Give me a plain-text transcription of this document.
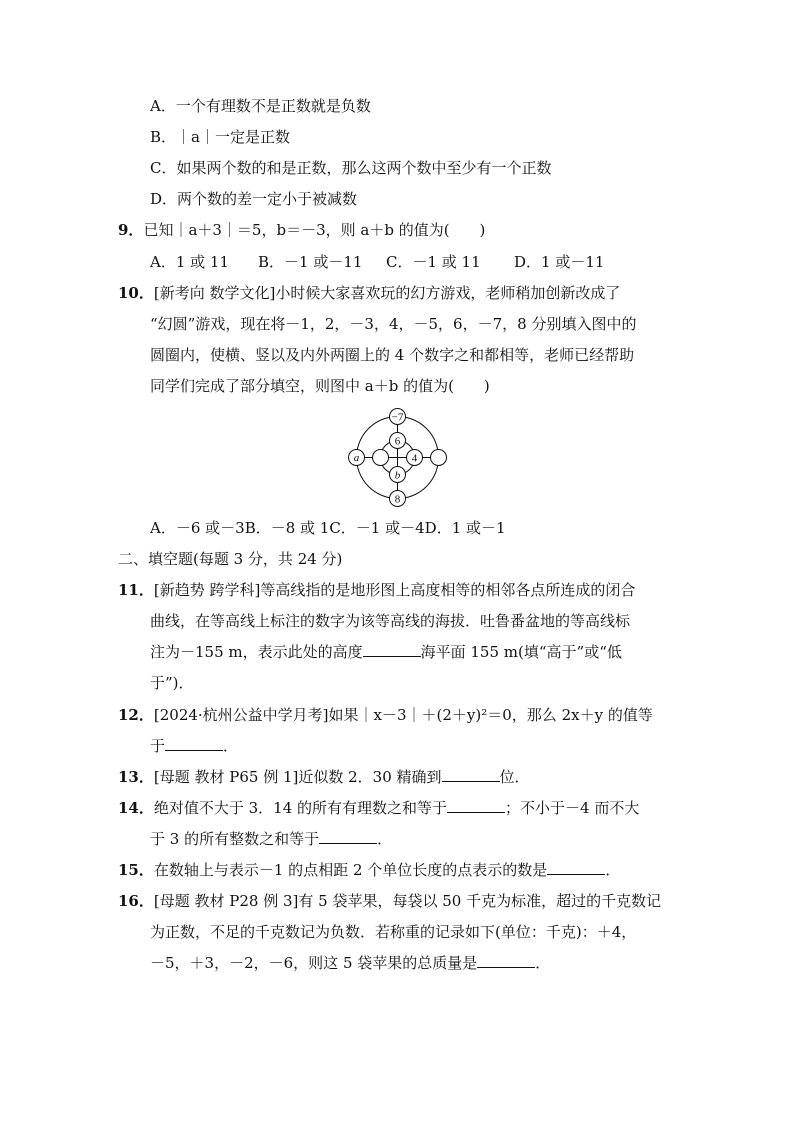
A．一个有理数不是正数就是负数
B．｜a｜一定是正数
C．如果两个数的和是正数，那么这两个数中至少有一个正数
D．两个数的差一定小于被减数
9．已知｜a＋3｜＝5，b＝－3，则 a＋b 的值为(　　)
A．1 或 11 B．－1 或－11 C．－1 或 11 D．1 或－11
10．[新考向 数学文化]小时候大家喜欢玩的幻方游戏，老师稍加创新改成了
“幻圆”游戏，现在将－1，2，－3，4，－5，6，－7，8 分别填入图中的
圆圈内，使横、竖以及内外两圈上的 4 个数字之和都相等，老师已经帮助
同学们完成了部分填空，则图中 a＋b 的值为(　　)
−7
8
a
6
b
4
A．－6 或－3B．－8 或 1C．－1 或－4D．1 或－1
二、填空题(每题 3 分，共 24 分)
11．[新趋势 跨学科]等高线指的是地形图上高度相等的相邻各点所连成的闭合
曲线，在等高线上标注的数字为该等高线的海拔．吐鲁番盆地的等高线标
注为－155 m，表示此处的高度	海平面 155 m(填“高于”或“低
于”)．
12．[2024·杭州公益中学月考]如果｜x－3｜＋(2＋y)²＝0，那么 2x＋y 的值等
于	．
13．[母题 教材 P65 例 1]近似数 2．30 精确到	位．
14．绝对值不大于 3．14 的所有有理数之和等于	；不小于－4 而不大
于 3 的所有整数之和等于	．
15．在数轴上与表示－1 的点相距 2 个单位长度的点表示的数是	．
16．[母题 教材 P28 例 3]有 5 袋苹果，每袋以 50 千克为标准，超过的千克数记
为正数，不足的千克数记为负数．若称重的记录如下(单位：千克)：＋4，
－5，＋3，－2，－6，则这 5 袋苹果的总质量是	．
